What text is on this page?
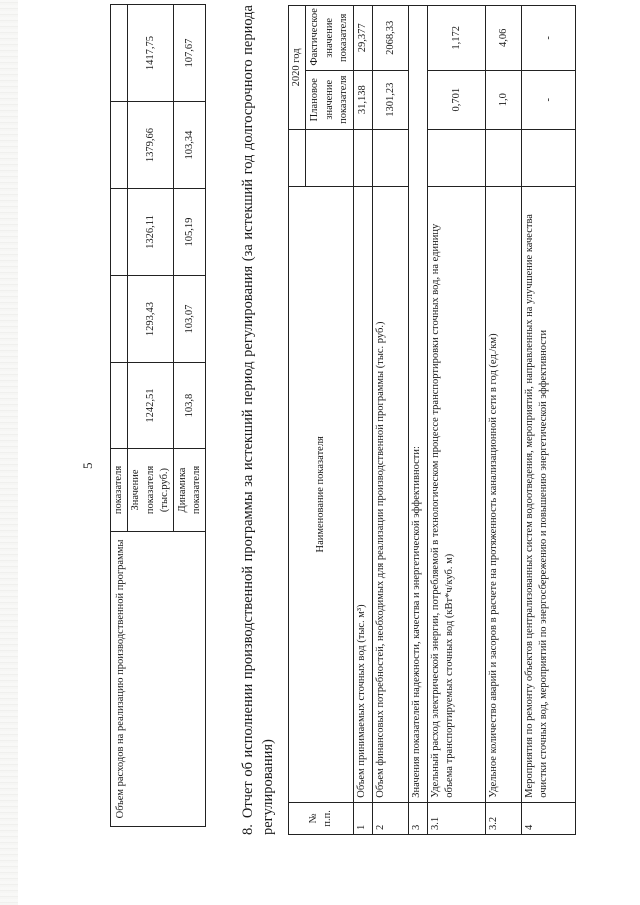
5
Объем расходов на реализацию производственной программы	показателя					
	Значение показателя (тыс.руб.)	1242,51	1293,43	1326,11	1379,66	1417,75
	Динамика показателя	103,8	103,07	105,19	103,34	107,67
8.Отчет об исполнении производственной программы за истекший период регулирования (за истекший год долгосрочного периода регулирования)	№ п.п.	Наименование показателя		2020 год	
			Плановое значение показателя	Фактическое значение показателя
1	Объем принимаемых сточных вод (тыс. м³)		31,138	29,377
2	Объем финансовых потребностей, необходимых для реализации производственной программы (тыс. руб.)		1301,23	2068,33
3	Значения показателей надежности, качества и энергетической эффективности:			
3.1	Удельный расход электрической энергии, потребляемой в технологическом процессе транспортировки сточных вод, на единицу объема транспортируемых сточных вод (кВт*ч/куб. м)		0,701	1,172
3.2	Удельное количество аварий и засоров в расчете на протяженность канализационной сети в год (ед./км)		1,0	4,06
4	Мероприятия по ремонту объектов централизованных систем водоотведения, мероприятий, направленных на улучшение качества очистки сточных вод, мероприятий по энергосбережению и повышению энергетической эффективности		-	-
